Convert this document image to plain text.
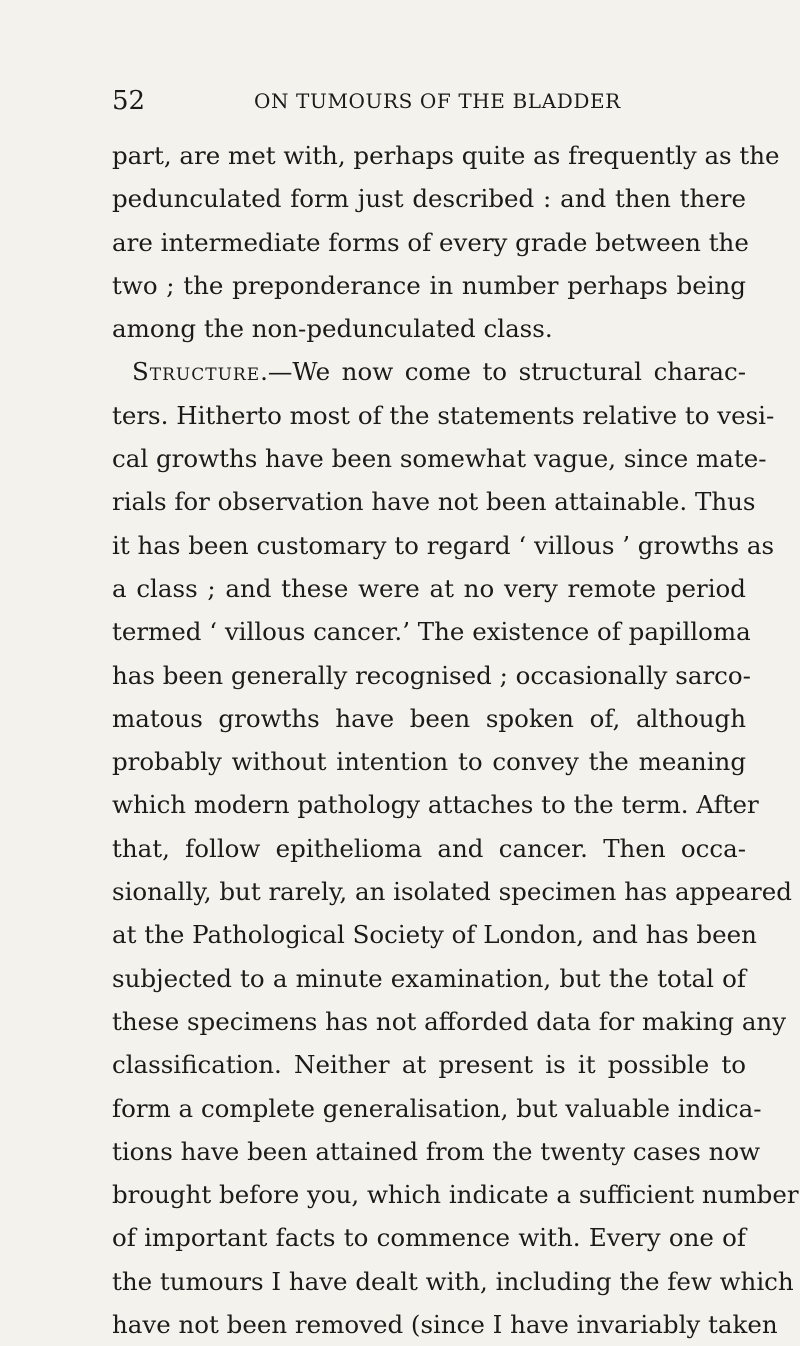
52	ON TUMOURS OF THE BLADDER
part, are met with, perhaps quite as frequently as the
pedunculated form just described : and then there
are intermediate forms of every grade between the
two ; the preponderance in number perhaps being
among the non-pedunculated class.
Structure.—We now come to structural charac-
ters. Hitherto most of the statements relative to vesi-
cal growths have been somewhat vague, since mate-
rials for observation have not been attainable. Thus
it has been customary to regard ‘ villous ’ growths as
a class ; and these were at no very remote period
termed ‘ villous cancer.’ The existence of papilloma
has been generally recognised ; occasionally sarco-
matous growths have been spoken of, although
probably without intention to convey the meaning
which modern pathology attaches to the term. After
that, follow epithelioma and cancer. Then occa-
sionally, but rarely, an isolated specimen has appeared
at the Pathological Society of London, and has been
subjected to a minute examination, but the total of
these specimens has not afforded data for making any
classification. Neither at present is it possible to
form a complete generalisation, but valuable indica-
tions have been attained from the twenty cases now
brought before you, which indicate a sufficient number
of important facts to commence with. Every one of
the tumours I have dealt with, including the few which
have not been removed (since I have invariably taken
